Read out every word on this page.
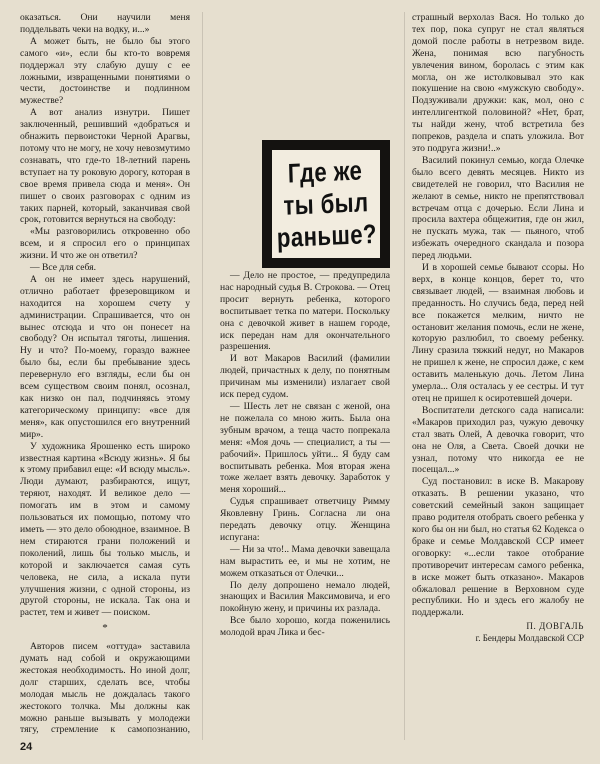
оказаться. Они научили меня поддельвать чеки на водку, и...»

А может быть, не было бы этого самого «и», если бы кто-то вовремя поддержал эту слабую душу с ее ложными, извращенными понятиями о чести, достоинстве и подлинном мужестве?

А вот анализ изнутри. Пишет заключенный, решивший «добраться и обнажить первоистоки Черной Арагвы, потому что не могу, не хочу невозмутимо сознавать, что где-то 18-летний парень вступает на ту роковую дорогу, которая в свое время привела сюда и меня». Он пишет о своих разговорах с одним из таких парней, который, заканчивая свой срок, готовится вернуться на свободу:

«Мы разговорились откровенно обо всем, и я спросил его о принципах жизни. И что же он ответил?

— Все для себя.

А он не имеет здесь нарушений, отлично работает фрезеровщиком и находится на хорошем счету у администрации. Спрашивается, что он вынес отсюда и что он понесет на свободу? Он испытал тяготы, лишения. Ну и что? По-моему, гораздо важнее было бы, если бы пребывание здесь перевернуло его взгляды, если бы он всем существом своим понял, осознал, как низко он пал, подчиняясь этому категорическому принципу: «все для меня», как опустошился его внутренний мир».

У художника Ярошенко есть широко известная картина «Всюду жизнь». Я бы к этому прибавил еще: «И всюду мысль». Люди думают, разбираются, ищут, теряют, находят. И великое дело — помогать им в этом и самому пользоваться их помощью, потому что иметь — это дело обоюдное, взаимное. В нем стираются грани положений и поколений, лишь бы только мысль, и которой и заключается самая суть человека, не сила, а искала пути улучшения жизни, с одной стороны, из другой стороны, не искала. Так она и растет, тем и живет — поиском.

*

Авторов писем «оттуда» заставила думать над собой и окружающими жестокая необходимость. Но иной долг, долг старших, сделать все, чтобы молодая мысль не дождалась такого жестокого толчка. Мы должны как можно раньше вызывать у молодежи тягу, стремление к самопознанию,

Где же ты был раньше?

— Дело не простое, — предупредила нас народный судья В. Строкова. — Отец просит вернуть ребенка, которого воспитывает тетка по матери. Поскольку она с девочкой живет в нашем городе, иск передан нам для окончательного разрешения.

И вот Макаров Василий (фамилии людей, причастных к делу, по понятным причинам мы изменили) излагает свой иск перед судом.

— Шесть лет не связан с женой, она не пожелала со мною жить. Была она зубным врачом, а теща часто попрекала меня: «Моя дочь — специалист, а ты — рабочий». Пришлось уйти... Я буду сам воспитывать ребенка. Моя вторая жена тоже желает взять девочку. Заработок у меня хороший...

Судья спрашивает ответчицу Римму Яковлевну Гринь. Согласна ли она передать девочку отцу. Женщина испугана:

— Ни за что!.. Мама девочки завещала нам вырастить ее, и мы не хотим, не можем отказаться от Олечки...

По делу допрошено немало людей, знающих и Василия Максимовича, и его покойную жену, и причины их разлада.

Все было хорошо, когда поженились молодой врач Лика и бес-

страшный верхолаз Вася. Но только до тех пор, пока супруг не стал являться домой после работы в нетрезвом виде. Жена, понимая всю пагубность увлечения вином, боролась с этим как могла, он же истолковывал это как покушение на свою «мужскую свободу». Подзуживали дружки: как, мол, оно с интеллигенткой половиной? «Нет, брат, ты найди жену, чтоб встретила без попреков, раздела и спать уложила. Вот это подруга жизни!..»

Василий покинул семью, когда Олечке было всего девять месяцев. Никто из свидетелей не говорил, что Василия не желают в семье, никто не препятствовал встречам отца с дочерью. Если Лина и просила вахтера общежития, где он жил, не пускать мужа, так — пьяного, чтоб избежать очередного скандала и позора перед людьми.

И в хорошей семье бывают ссоры. Но верх, в конце концов, берет то, что связывает людей, — взаимная любовь и преданность. Но случись беда, перед ней все покажется мелким, ничто не остановит желания помочь, если не жене, которую разлюбил, то своему ребенку. Лину сразила тяжкий недуг, но Макаров не пришел к жене, не спросил даже, с кем оставить маленькую дочь. Летом Лина умерла... Оля осталась у ее сестры. И тут отец не пришел к осиротевшей дочери.

Воспитатели детского сада написали: «Макаров приходил раз, чужую девочку стал звать Олей, А девочка говорит, что она не Оля, а Света. Своей дочки не узнал, потому что никогда ее не посещал...»

Суд постановил: в иске В. Макарову отказать. В решении указано, что советский семейный закон защищает право родителя отобрать своего ребенка у кого бы он ни был, но статья 62 Кодекса о браке и семье Молдавской ССР имеет оговорку: «...если такое отобрание противоречит интересам самого ребенка, в иске может быть отказано». Макаров обжаловал решение в Верховном суде республики. Но и здесь его жалобу не поддержали.

П. ДОВГАЛЬ

г. Бендеры Молдавской ССР

24
